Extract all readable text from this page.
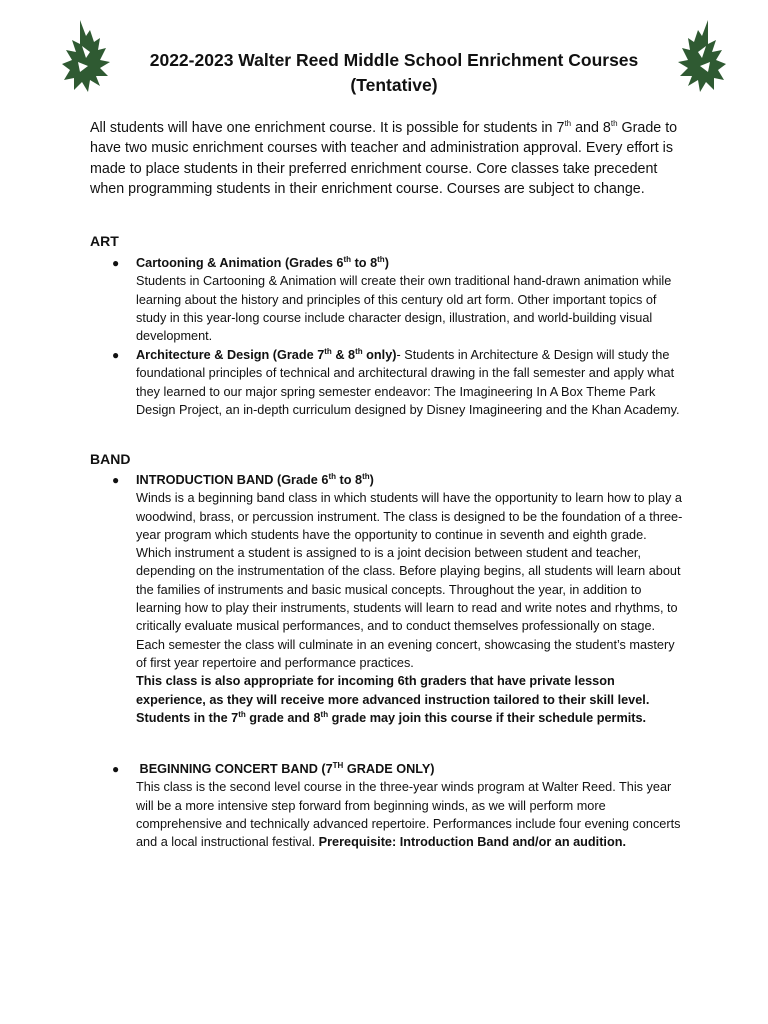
2022-2023 Walter Reed Middle School Enrichment Courses
(Tentative)

All students will have one enrichment course. It is possible for students in 7th and 8th Grade to have two music enrichment courses with teacher and administration approval. Every effort is made to place students in their preferred enrichment course. Core classes take precedent when programming students in their enrichment course. Courses are subject to change.

ART
● Cartooning & Animation (Grades 6th to 8th)

Students in Cartooning & Animation will create their own traditional hand-drawn animation while learning about the history and principles of this century old art form. Other important topics of study in this year-long course include character design, illustration, and world-building visual development.

● Architecture & Design (Grade 7th & 8th only)- Students in Architecture & Design will study the foundational principles of technical and architectural drawing in the fall semester and apply what they learned to our major spring semester endeavor: The Imagineering In A Box Theme Park Design Project, an in-depth curriculum designed by Disney Imagineering and the Khan Academy.

BAND
● INTRODUCTION BAND (Grade 6th to 8th)

Winds is a beginning band class in which students will have the opportunity to learn how to play a woodwind, brass, or percussion instrument. The class is designed to be the foundation of a three-year program which students have the opportunity to continue in seventh and eighth grade. Which instrument a student is assigned to is a joint decision between student and teacher, depending on the instrumentation of the class. Before playing begins, all students will learn about the families of instruments and basic musical concepts. Throughout the year, in addition to learning how to play their instruments, students will learn to read and write notes and rhythms, to critically evaluate musical performances, and to conduct themselves professionally on stage. Each semester the class will culminate in an evening concert, showcasing the student’s mastery of first year repertoire and performance practices.

This class is also appropriate for incoming 6th graders that have private lesson experience, as they will receive more advanced instruction tailored to their skill level. Students in the 7th grade and 8th grade may join this course if their schedule permits.

● BEGINNING CONCERT BAND (7TH GRADE ONLY)

This class is the second level course in the three-year winds program at Walter Reed. This year will be a more intensive step forward from beginning winds, as we will perform more comprehensive and technically advanced repertoire. Performances include four evening concerts and a local instructional festival. Prerequisite: Introduction Band and/or an audition.
